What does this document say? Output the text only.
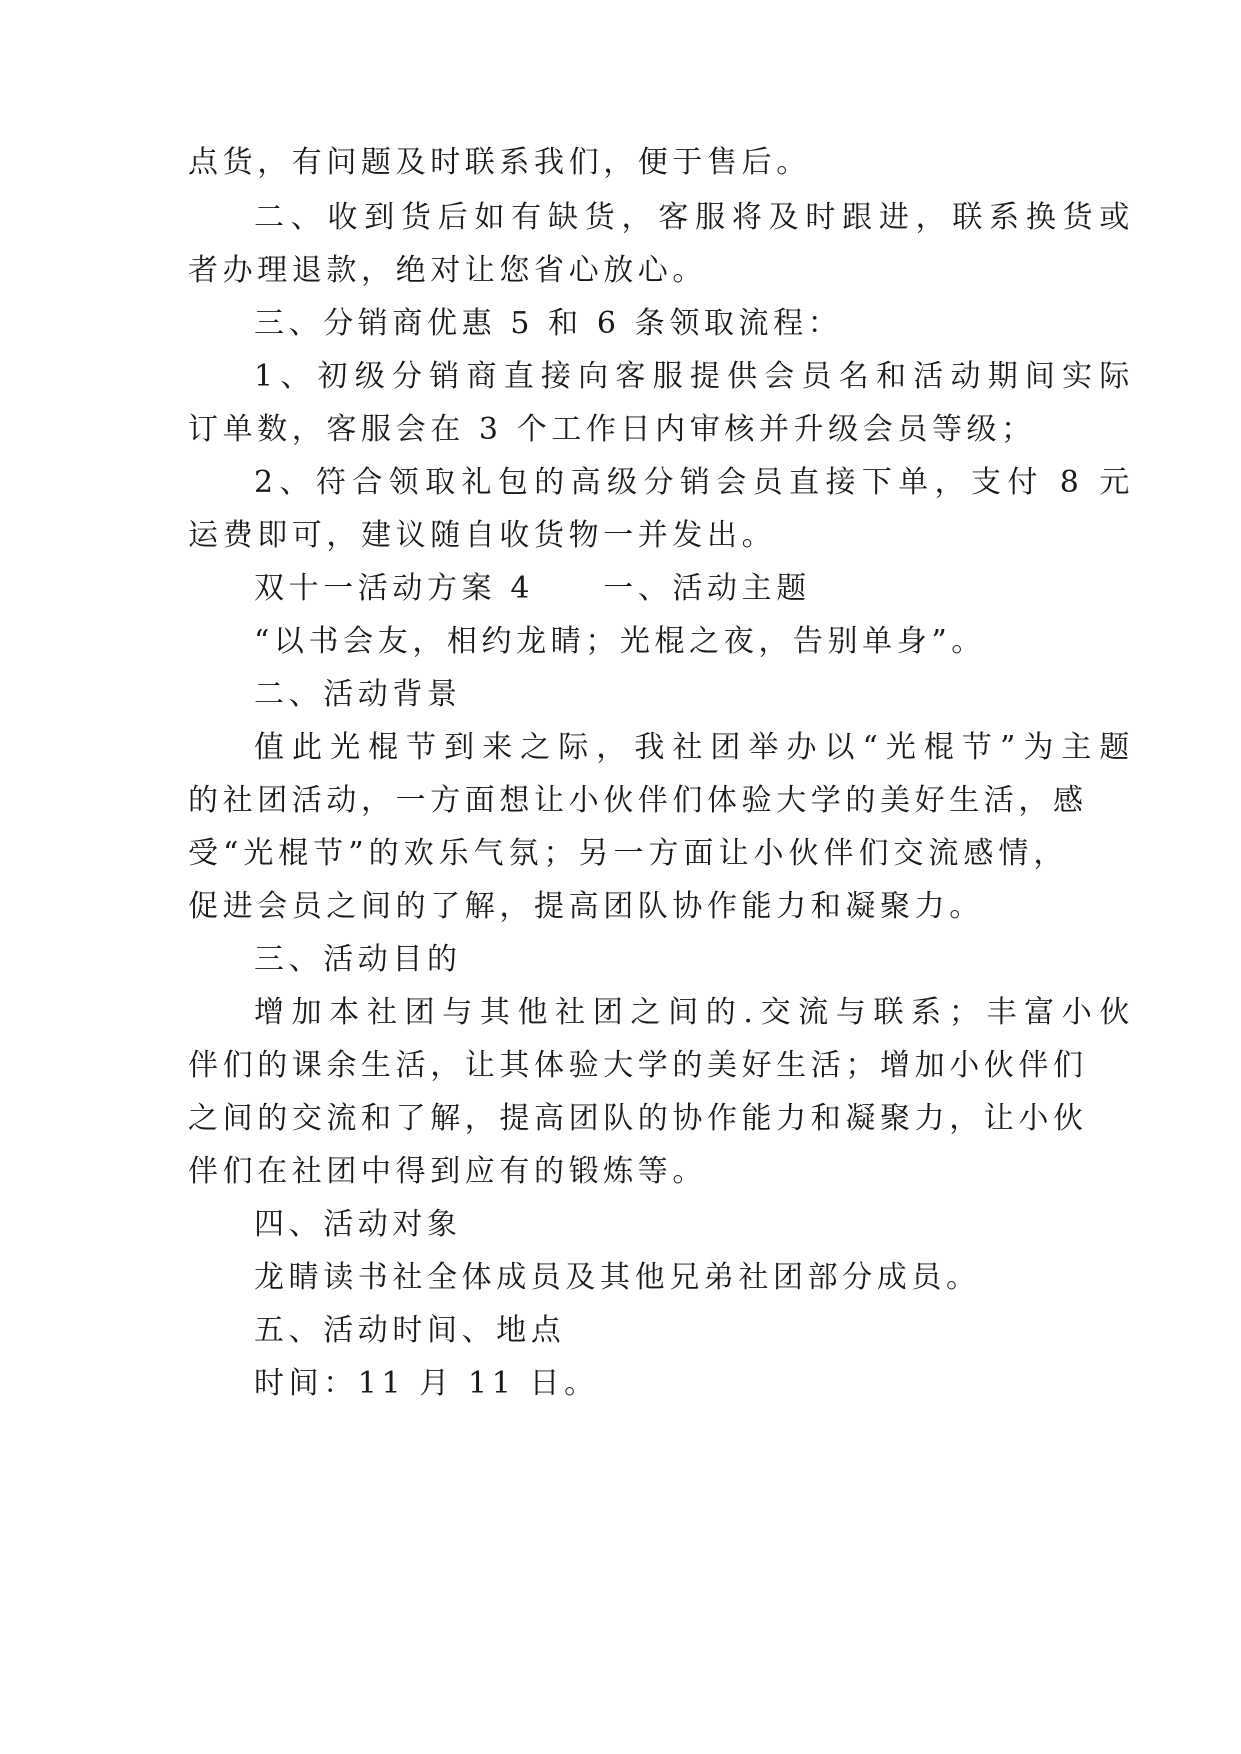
点货，有问题及时联系我们，便于售后。
二、收到货后如有缺货，客服将及时跟进，联系换货或
者办理退款，绝对让您省心放心。
三、分销商优惠 5 和 6 条领取流程：
1、初级分销商直接向客服提供会员名和活动期间实际
订单数，客服会在 3 个工作日内审核并升级会员等级；
2、符合领取礼包的高级分销会员直接下单，支付 8 元
运费即可，建议随自收货物一并发出。
双十一活动方案 4　　一、活动主题
“以书会友，相约龙睛；光棍之夜，告别单身”。
二、活动背景
值此光棍节到来之际，我社团举办以“光棍节”为主题
的社团活动，一方面想让小伙伴们体验大学的美好生活，感
受“光棍节”的欢乐气氛；另一方面让小伙伴们交流感情，
促进会员之间的了解，提高团队协作能力和凝聚力。
三、活动目的
增加本社团与其他社团之间的.交流与联系；丰富小伙
伴们的课余生活，让其体验大学的美好生活；增加小伙伴们
之间的交流和了解，提高团队的协作能力和凝聚力，让小伙
伴们在社团中得到应有的锻炼等。
四、活动对象
龙睛读书社全体成员及其他兄弟社团部分成员。
五、活动时间、地点
时间：11 月 11 日。
